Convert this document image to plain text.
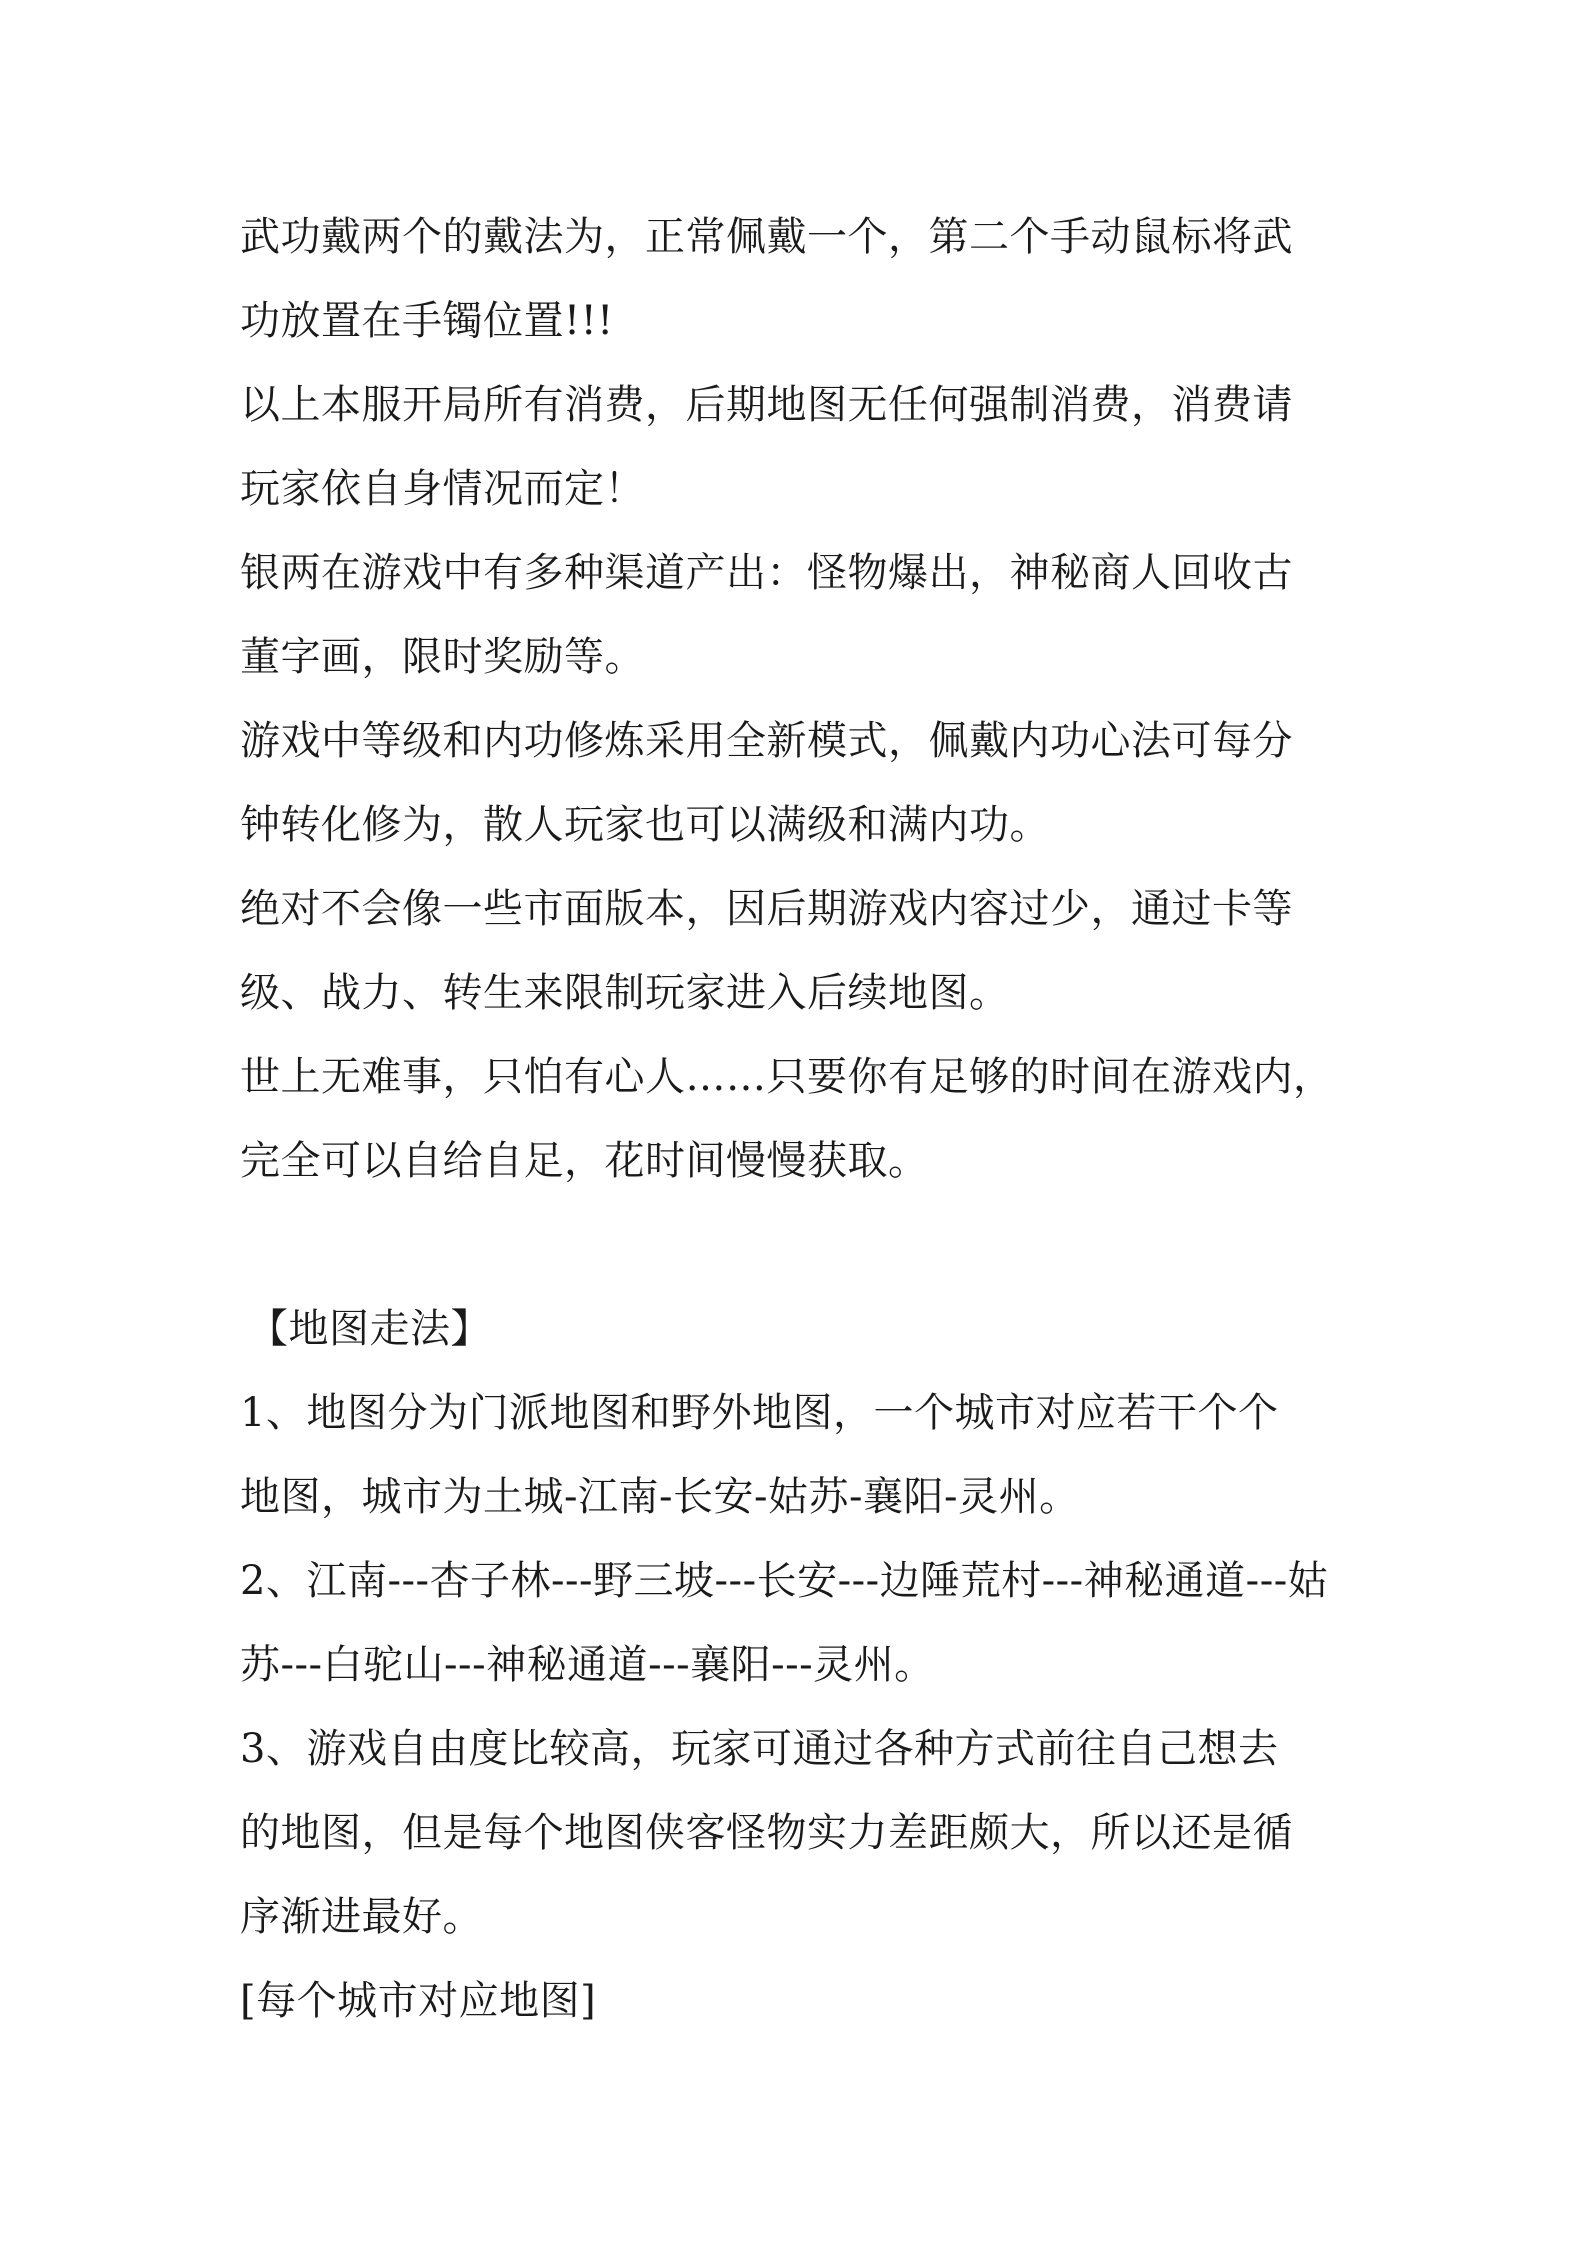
武功戴两个的戴法为，正常佩戴一个，第二个手动鼠标将武
功放置在手镯位置!!!
以上本服开局所有消费，后期地图无任何强制消费，消费请
玩家依自身情况而定！
银两在游戏中有多种渠道产出：怪物爆出，神秘商人回收古
董字画，限时奖励等。
游戏中等级和内功修炼采用全新模式，佩戴内功心法可每分
钟转化修为，散人玩家也可以满级和满内功。
绝对不会像一些市面版本，因后期游戏内容过少，通过卡等
级、战力、转生来限制玩家进入后续地图。
世上无难事，只怕有心人……只要你有足够的时间在游戏内，
完全可以自给自足，花时间慢慢获取。
【地图走法】
1、地图分为门派地图和野外地图，一个城市对应若干个个
地图，城市为土城-江南-长安-姑苏-襄阳-灵州。
2、江南---杏子林---野三坡---长安---边陲荒村---神秘通道---姑
苏---白驼山---神秘通道---襄阳---灵州。
3、游戏自由度比较高，玩家可通过各种方式前往自己想去
的地图，但是每个地图侠客怪物实力差距颇大，所以还是循
序渐进最好。
[每个城市对应地图]
